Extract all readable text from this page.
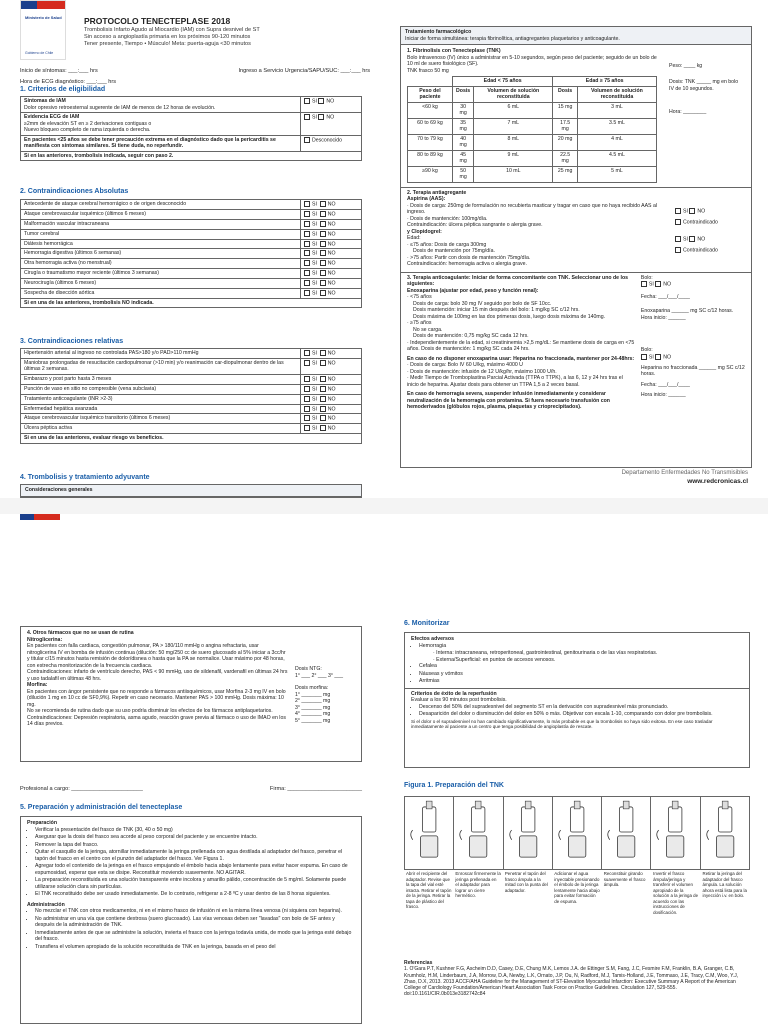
Ministerio de Salud
Gobierno de Chile
PROTOCOLO TENECTEPLASE 2018
Trombolisis Infarto Agudo al Miocardio (IAM) con Supra desnivel de ST
Sin acceso a angioplastía primaria en los próximos 90-120 minutos
Tener presente, Tiempo • Músculo! Meta: puerta-aguja <30 minutos
Inicio de síntomas: ___:___ hrs	Ingreso a Servicio Urgencia/SAPU/SUC: ___:___ hrs
Hora de ECG diagnóstico: ___:___ hrs
1. Criterios de eligibilidad
Síntomas de IAM
Dolor opresivo retroesternal sugerente de IAM de menos de 12 horas de evolución.	SI NO

Evidencia ECG de IAM
≥2mm de elevación ST en ≥ 2 derivaciones contiguas o
Nuevo bloqueo completo de rama izquierda o derecha.	SI NO
En pacientes <25 años se debe tener precaución extrema en el diagnóstico dado que la pericarditis se manifiesta con síntomas similares. Si tiene duda, no reperfundir.	Desconocido
Si en las anteriores, trombolisis indicada, seguir con paso 2.	
2. Contraindicaciones Absolutas
Antecedente de ataque cerebral hemorrágico o de origen desconocido	SI  NO
Ataque cerebrovascular isquémico (últimos 6 meses)	SI  NO
Malformación vascular intracraneana	SI  NO
Tumor cerebral	SI  NO
Diátesis hemorrágica	SI  NO
Hemorragia digestiva (últimos 6 semanas)	SI  NO
Otra hemorragia activa (no menstrual)	SI  NO
Cirugía o traumatismo mayor reciente (últimos 3 semanas)	SI  NO
Neurocirugía (últimos 6 meses)	SI  NO
Sospecha de disección aórtica	SI  NO
Si en una de las anteriores, trombolisis NO indicada.	
3. Contraindicaciones relativas
Hipertensión arterial al ingreso no controlada PAS>180 y/o PAD>110 mmHg	SI  NO
Maniobras prolongadas de resucitación cardiopulmonar (>10 min) y/o reanimación car-diopulmonar dentro de las últimas 2 semanas.	SI  NO
Embarazo y post parto hasta 3 meses	SI  NO
Punción de vaso en sitio no compresible (vena subclavia)	SI  NO
Tratamiento anticoagulante (INR >2-3)	SI  NO
Enfermedad hepática avanzada	SI  NO
Ataque cerebrovascular isquémico transitorio (últimos 6 meses)	SI  NO
Úlcera péptica activa	SI  NO
Si en una de las anteriores, evaluar riesgo vs beneficios.	
4. Trombolisis y tratamiento adyuvante
Consideraciones generales
Tratamiento farmacológico
Iniciar de forma simultánea: terapia fibrinolítica, antiagregantes plaquetarios y anticoagulante.
1. Fibrinolisis con Tenecteplase (TNK)
Bolo intravenoso (IV) único a administrar en 5-10 segundos, según peso del paciente; seguido de un bolo de 10 ml de suero fisiológico (SF).
TNK frasco 50 mg
Peso: ____ kg
Dosis: TNK _____ mg en bolo IV de 10 segundos.
Hora: ________
	Edad < 75 años		Edad ≥ 75 años	
Peso del paciente	Dosis	Volumen de solución reconstituida	Dosis	Volumen de solución reconstituida
<60 kg	30 mg	6 mL	15 mg	3 mL
60 to 69 kg	35 mg	7 mL	17.5 mg	3.5 mL
70 to 79 kg	40 mg	8 mL	20 mg	4 mL
80 to 89 kg	45 mg	9 mL	22.5 mg	4.5 mL
≥90 kg	50 mg	10 mL	25 mg	5 mL
2. Terapia antiagregante
Aspirina (AAS):
· Dosis de carga: 250mg de formulación no recubierta masticar y tragar en caso que no haya recibido AAS al ingreso.
· Dosis de mantención: 100mg/día.
Contraindicación: úlcera péptica sangrante o alergia grave.
y Clopidogrel:
Edad:
· ≤75 años: Dosis de carga 300mg
Dosis de mantención por 75mg/día.
· >75 años: Partir con dosis de mantención 75mg/día.
Contraindicación: hemorragia activa o alergia grave.
SI NO
Contraindicado
SI NO
Contraindicado
3. Terapia anticoagulante: Iniciar de forma concomitante con TNK. Seleccionar uno de los siguientes:
Enoxaparina (ajustar por edad, peso y función renal):
· <75 años
Dosis de carga: bolo 30 mg IV seguido por bolo de SF 10cc.
Dosis mantención: iniciar 15 min después del bolo: 1 mg/kg SC c/12 hrs.
Dosis máxima de 100mg en las dos primeras dosis, luego dosis máxima de 140mg.
· ≥75 años
No se carga.
Dosis de mantención: 0,75 mg/kg SC cada 12 hrs.
· Independientemente de la edad, si creatininemia >2,5 mg/dL: Se mantiene dosis de carga en <75 años. Dosis de mantención: 1 mg/kg SC cada 24 hrs.
En caso de no disponer enoxaparina usar: Heparina no fraccionada, mantener por 24-48hrs:
· Dosis de carga: Bolo IV 60 U/kg, máximo 4000 U
· Dosis de mantención: infusión de 12 U/kg/hr, máximo 1000 U/h.
· Medir Tiempo de Tromboplastina Parcial Activada (TTPA o TTPK), a las 6, 12 y 24 hrs tras el inicio de heparina. Ajustar dosis para obtener un TTPA 1,5 a 2 veces basal.
En caso de hemorragia severa, suspender infusión inmediatamente y considerar neutralización de la hemorragia con protamina. Si fuera necesario transfusión con hemoderivados (glóbulos rojos, plasma, plaquetas y crioprecipitados).
Bolo:
SI NO
Fecha: ___/___/____
Enoxaparina ______ mg SC c/12 horas.
Hora inicio: ______
Bolo:
SI NO
Heparina no fraccionada ______ mg SC c/12 horas.
Fecha: ___/___/____
Hora inicio: ______
Departamento Enfermedades No Transmisibles
www.redcronicas.cl
4. Otros fármacos que no se usan de rutina
Nitroglicerina:
En pacientes con falla cardiaca, congestión pulmonar, PA > 180/110 mmHg o angina refractaria, usar nitroglicerina IV en bomba de infusión continua (dilución: 50 mg/250 cc de suero glucosado al 5% iniciar a 3cc/hr y titular c/15 minutos hasta remisión de dolor/disnea o hasta que la PA se normalice. Usar máximo por 48 horas, con estrecha monitorización de la frecuencia cardiaca.
Contraindicaciones: infarto de ventrículo derecho, PAS < 90 mmHg, uso de sildenafil, vardenafil en últimas 24 hrs y uso tadalafil en últimas 48 hrs.
Morfina:
En pacientes con ángor persistente que no responde a fármacos antiisquémicos, usar Morfina 2-3 mg IV en bolo (dilución 1 mg en 10 cc de SF0,9%). Repetir en caso necesario. Mantener PAS > 100 mmHg. Dosis máxima: 10 mg.
No se recomienda de rutina dado que su uso podría disminuir los efectos de los fármacos antiplaquetarios.
Contraindicaciones: Depresión respiratoria, asma agudo, reacción grave previa al fármaco o uso de IMAO en los 14 días previos.
Dosis NTG:
1° ___ 2° ___ 3° ___
Dosis morfina:
1° _______ mg
2° _______ mg
3° _______ mg
4° _______ mg
5° _______ mg
Profesional a cargo: _______________________	Firma: ________________________
5. Preparación y administración del tenecteplase
Preparación
• Verificar la presentación del frasco de TNK (30, 40 o 50 mg)
• Asegurar que la dosis del frasco sea acorde al peso corporal del paciente y se encuentre intacto.
• Remover la tapa del frasco.
• Quitar el casquillo de la jeringa, atornillar inmediatamente la jeringa prellenada con agua destilada al adaptador del frasco, penetrar el tapón del frasco en el centro con el punzón del adaptador del frasco. Ver Figura 1.
• Agregar todo el contenido de la jeringa en el frasco empujando el émbolo hacia abajo lentamente para evitar hacer espuma. En caso de espumosidad, esperar que esta se disipe. Reconstituir moviendo suavemente. NO AGITAR.
• La preparación reconstituida es una solución transparente entre incolora y amarillo pálido, concentración de 5 mg/ml. Solamente puede utilizarse solución clara sin partículas.
• El TNK reconstituido debe ser usado inmediatamente. De lo contrario, refrigerar a 2-8 ºC y usar dentro de las 8 horas siguientes.
Administración
• No mezclar el TNK con otros medicamentos, ni en el mismo frasco de infusión ni en la misma línea venosa (ni siquiera con heparina).
• No administrar en una vía que contiene dextrosa (suero glucosado). Las vías venosas deben ser "lavadas" con bolo de SF antes y después de la administración de TNK.
• Inmediatamente antes de que se administre la solución, invierta el frasco con la jeringa todavía unida, de modo que la jeringa esté debajo del frasco.
• Transfiera el volumen apropiado de la solución reconstituida de TNK en la jeringa, basada en el peso del
6. Monitorizar
Efectos adversos
• Hemorragia
· Interna: intracraneana, retroperitoneal, gastrointestinal, genitourinaria o de las vías respiratorias.
· Externa/Superficial: en puntos de accesos venosos.
• Cefalea
• Náuseas y vómitos
• Arritmias
Criterios de éxito de la reperfusión
Evaluar a los 90 minutos post trombolisis.
• Descenso del 50% del supradesnivel del segmento ST en la derivación con supradesnivel más pronunciado.
• Desaparición del dolor o disminución del dolor en 50% o más. Objetivar con escala 1-10, comparando con dolor pre trombolisis.
Si el dolor o el supradesnivel no han cambiado significativamente, lo más probable es que la trombolisis no haya sido exitosa. En ese caso trasladar inmediatamente al paciente a un centro que tenga posibilidad de angioplastía de rescate.
Figura 1. Preparación del TNK
Abrir el recipiente del adaptador. Revise que la tapa del vial esté intacta. Retirar el tapón de la jeringa. Retirar la tapa de plástico del frasco.
Enroscar firmemente la jeringa prellenada en el adaptador para lograr un cierre hermético.
Penetrar el tapón del frasco ámpula a la mitad con la punta del adaptador.
Adicionar el agua inyectable presionando el émbolo de la jeringa lentamente hacia abajo para evitar formación de espuma.
Reconstituir girando suavemente el frasco ámpula.
Invertir el frasco ámpula/jeringa y transferir el volumen apropiado de la solución a la jeringa de acuerdo con las instrucciones de dosificación.
Retirar la jeringa del adaptador del frasco ámpula. La solución ahora está lista para la inyección i.v. en bolo.
Referencias
1. O'Gara P.T, Kushner F.G, Ascheim D.D, Casey, D.E, Chung M.K, Lemos J.A. de Ettinger S.M, Fang, J.C, Fesmire F.M, Franklin, B.A, Granger, C.B, Krumholz, H.M, Linderbaum, J.A, Morrow, D.A, Newby, L.K, Ornato, J.P, Ou, N, Radford, M.J, Tamis-Holland, J.E, Tommaso, J.E, Tracy, C.M, Woo, Y.J, Zhao, D.X, 2013. 2013 ACCF/AHA Guideline for the Management of ST-Elevation Myocardial Infarction: Executive Summary A Report of the American College of Cardiology Foundation/American Heart Association Task Force on Practice Guidelines. Circulation 127, 529-555. doi:10.1161/CIR.0b013e3182742c84
